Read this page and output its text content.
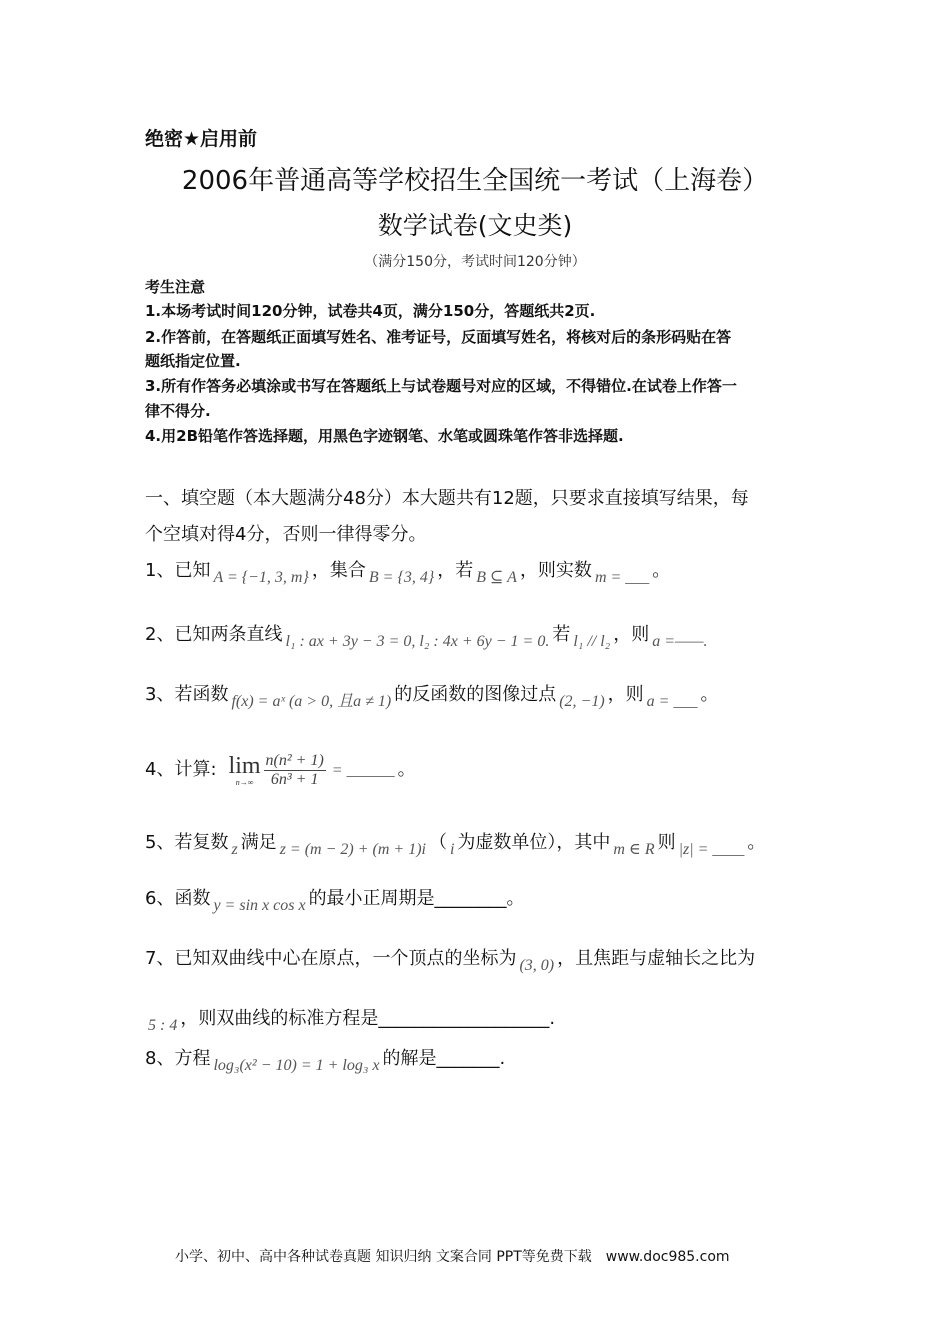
绝密★启用前
2006年普通高等学校招生全国统一考试（上海卷）
数学试卷(文史类)
（满分150分，考试时间120分钟）
考生注意
1.本场考试时间120分钟，试卷共4页，满分150分，答题纸共2页.
2.作答前，在答题纸正面填写姓名、准考证号，反面填写姓名，将核对后的条形码贴在答
题纸指定位置.
3.所有作答务必填涂或书写在答题纸上与试卷题号对应的区域，不得错位.在试卷上作答一
律不得分.
4.用2B铅笔作答选择题，用黑色字迹钢笔、水笔或圆珠笔作答非选择题.
一、填空题（本大题满分48分）本大题共有12题，只要求直接填写结果，每
个空填对得4分，否则一律得零分。
1、已知 A = {−1, 3, m} ，集合 B = {3, 4} ，若 B ⊆ A ，则实数 m = ___ 。
2、已知两条直线 l₁ : ax + 3y − 3 = 0, l₂ : 4x + 6y − 1 = 0. 若 l₁ // l₂ ，则 a =——.
3、若函数 f(x) = aˣ (a > 0, 且a ≠ 1) 的反函数的图像过点 (2, −1) ，则 a = ___ 。
4、计算: lim
$n\to\infty \frac{\text{n(n² + 1)}}{\text{6n³ + 1}}$ = ______ 。
5、若复数 z 满足 z = (m − 2) + (m + 1)i （ i 为虚数单位），其中 m ∈ R 则 |z| = ____ 。
6、函数 y = sin x cos x 的最小正周期是________。
7、已知双曲线中心在原点，一个顶点的坐标为 (3, 0) ，且焦距与虚轴长之比为
5 : 4 ，则双曲线的标准方程是___________________.
8、方程 log₃(x² − 10) = 1 + log₃ x 的解是_______.
小学、初中、高中各种试卷真题 知识归纳 文案合同 PPT等免费下载　www.doc985.com
